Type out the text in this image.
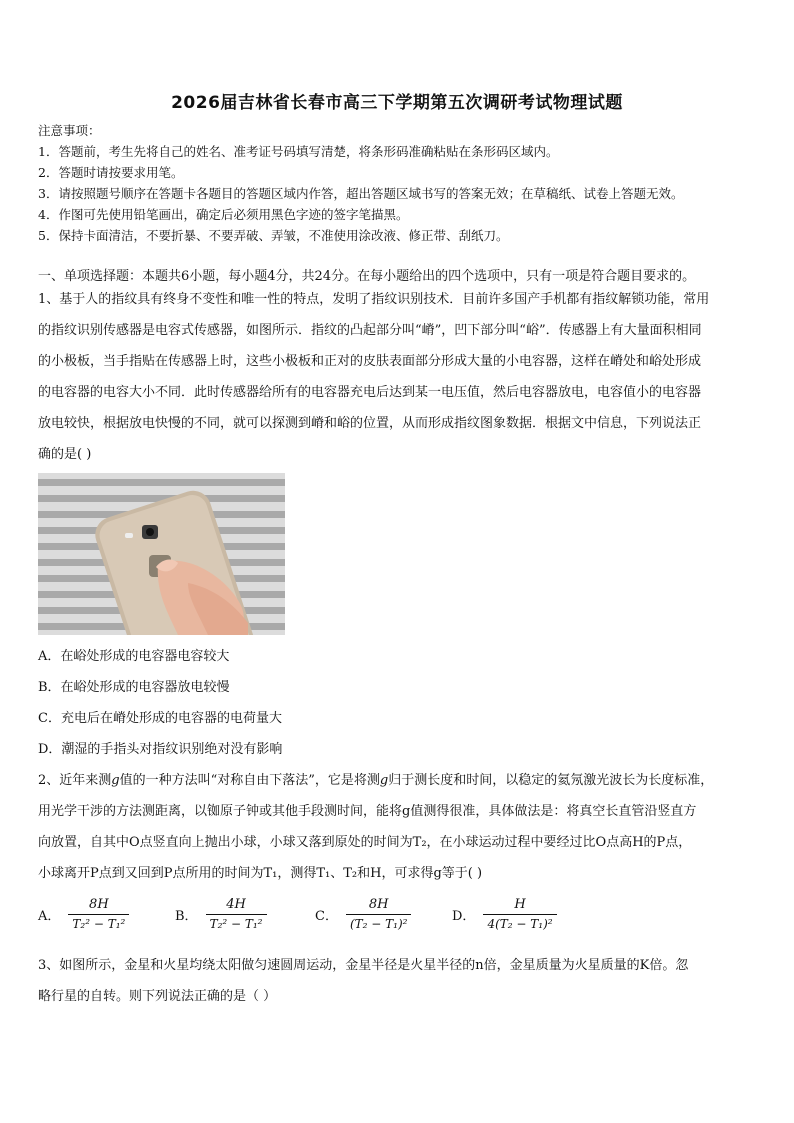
2026届吉林省长春市高三下学期第五次调研考试物理试题
注意事项：
1．答题前，考生先将自己的姓名、准考证号码填写清楚，将条形码准确粘贴在条形码区域内。
2．答题时请按要求用笔。
3．请按照题号顺序在答题卡各题目的答题区域内作答，超出答题区域书写的答案无效；在草稿纸、试卷上答题无效。
4．作图可先使用铅笔画出，确定后必须用黑色字迹的签字笔描黑。
5．保持卡面清洁，不要折暴、不要弄破、弄皱，不准使用涂改液、修正带、刮纸刀。
一、单项选择题：本题共6小题，每小题4分，共24分。在每小题给出的四个选项中，只有一项是符合题目要求的。
1、基于人的指纹具有终身不变性和唯一性的特点，发明了指纹识别技术．目前许多国产手机都有指纹解锁功能，常用
的指纹识别传感器是电容式传感器，如图所示．指纹的凸起部分叫“嵴”，凹下部分叫“峪”．传感器上有大量面积相同
的小极板，当手指贴在传感器上时，这些小极板和正对的皮肤表面部分形成大量的小电容器，这样在嵴处和峪处形成
的电容器的电容大小不同．此时传感器给所有的电容器充电后达到某一电压值，然后电容器放电，电容值小的电容器
放电较快，根据放电快慢的不同，就可以探测到嵴和峪的位置，从而形成指纹图象数据．根据文中信息，下列说法正
确的是( )
A．在峪处形成的电容器电容较大
B．在峪处形成的电容器放电较慢
C．充电后在嵴处形成的电容器的电荷量大
D．潮湿的手指头对指纹识别绝对没有影响
2、近年来测g值的一种方法叫“对称自由下落法”，它是将测g归于测长度和时间，以稳定的氦氖激光波长为长度标准，
用光学干涉的方法测距离，以铷原子钟或其他手段测时间，能将g值测得很准，具体做法是：将真空长直管沿竖直方
向放置，自其中O点竖直向上抛出小球，小球又落到原处的时间为T₂，在小球运动过程中要经过比O点高H的P点，
小球离开P点到又回到P点所用的时间为T₁，测得T₁、T₂和H，可求得g等于( )
A． $\frac{8H}{\text{T₂² − T₁²}}$	B． $\frac{4H}{\text{T₂² − T₁²}}$	C． $\frac{8H}{\text{(T₂ − T₁)²}}$	D． $\frac{H}{\text{4(T₂ − T₁)²}}$
3、如图所示，金星和火星均绕太阳做匀速圆周运动，金星半径是火星半径的n倍，金星质量为火星质量的K倍。忽
略行星的自转。则下列说法正确的是（ ）
